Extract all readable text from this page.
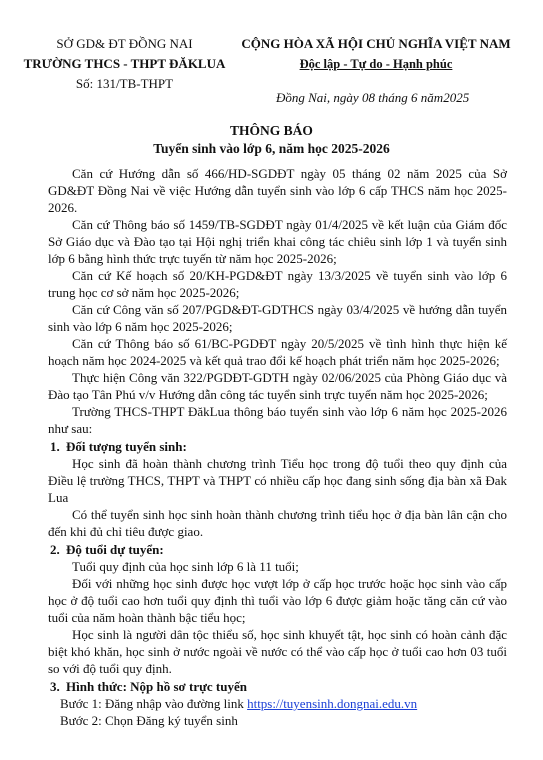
SỞ GD& ĐT ĐỒNG NAI
TRƯỜNG THCS - THPT ĐĂKLUA
Số: 131/TB-THPT
CỘNG HÒA XÃ HỘI CHỦ NGHĨA VIỆT NAM
Độc lập - Tự do - Hạnh phúc
Đồng Nai, ngày 08 tháng 6 năm2025
THÔNG BÁO
Tuyển sinh vào lớp 6, năm học 2025-2026

Căn cứ Hướng dẫn số 466/HD-SGDĐT ngày 05 tháng 02 năm 2025 của Sở GD&ĐT Đồng Nai về việc Hướng dẫn tuyển sinh vào lớp 6 cấp THCS năm học 2025-2026.

Căn cứ Thông báo số 1459/TB-SGDĐT ngày 01/4/2025 về kết luận của Giám đốc Sở Giáo dục và Đào tạo tại Hội nghị triển khai công tác chiêu sinh lớp 1 và tuyển sinh lớp 6 bằng hình thức trực tuyến từ năm học 2025-2026;

Căn cứ Kế hoạch số 20/KH-PGD&ĐT ngày 13/3/2025 về tuyển sinh vào lớp 6 trung học cơ sở năm học 2025-2026;

Căn cứ Công văn số 207/PGD&ĐT-GDTHCS ngày 03/4/2025 về hướng dẫn tuyển sinh vào lớp 6 năm học 2025-2026;

Căn cứ Thông báo số 61/BC-PGDĐT ngày 20/5/2025 về tình hình thực hiện kế hoạch năm học 2024-2025 và kết quả trao đổi kế hoạch phát triển năm học 2025-2026;

Thực hiện Công văn 322/PGDĐT-GDTH ngày 02/06/2025 của Phòng Giáo dục và Đào tạo Tân Phú v/v Hướng dẫn công tác tuyển sinh trực tuyến năm học 2025-2026;

Trường THCS-THPT ĐăkLua thông báo tuyển sinh vào lớp 6 năm học 2025-2026 như sau:

1. Đối tượng tuyển sinh:

Học sinh đã hoàn thành chương trình Tiểu học trong độ tuổi theo quy định của Điều lệ trường THCS, THPT và THPT có nhiều cấp học đang sinh sống địa bàn xã Đak Lua

Có thể tuyển sinh học sinh hoàn thành chương trình tiểu học ở địa bàn lân cận cho đến khi đủ chỉ tiêu được giao.

2. Độ tuổi dự tuyển:

Tuổi quy định của học sinh lớp 6 là 11 tuổi;

Đối với những học sinh được học vượt lớp ở cấp học trước hoặc học sinh vào cấp học ở độ tuổi cao hơn tuổi quy định thì tuổi vào lớp 6 được giảm hoặc tăng căn cứ vào tuổi của năm hoàn thành bậc tiểu học;

Học sinh là người dân tộc thiểu số, học sinh khuyết tật, học sinh có hoàn cảnh đặc biệt khó khăn, học sinh ở nước ngoài về nước có thể vào cấp học ở tuổi cao hơn 03 tuổi so với độ tuổi quy định.

3. Hình thức: Nộp hồ sơ trực tuyến

Bước 1: Đăng nhập vào đường link https://tuyensinh.dongnai.edu.vn

Bước 2: Chọn Đăng ký tuyển sinh
